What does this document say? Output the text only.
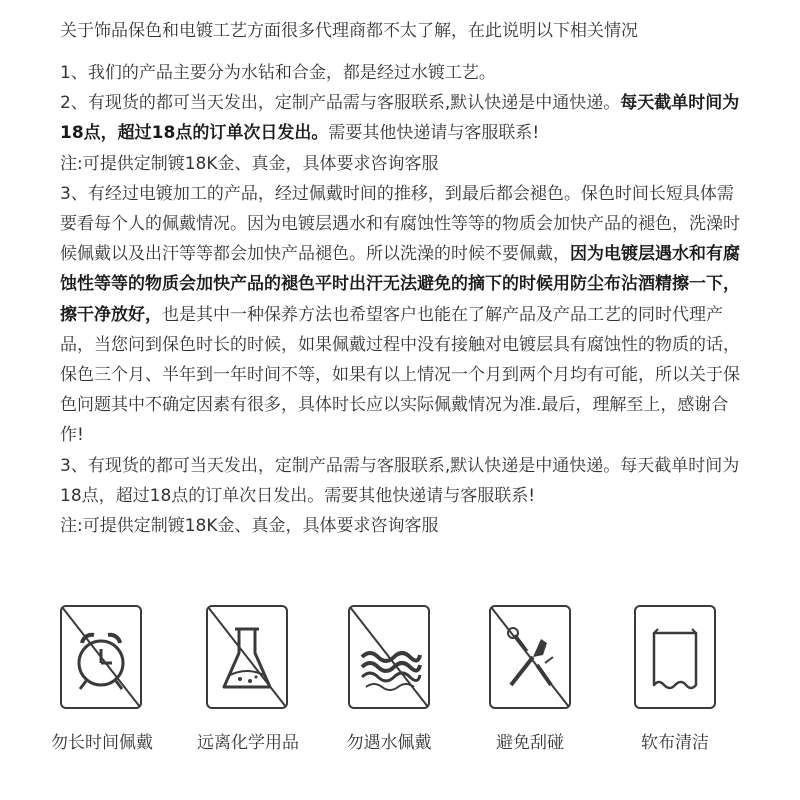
关于饰品保色和电镀工艺方面很多代理商都不太了解，在此说明以下相关情况

1、我们的产品主要分为水钻和合金，都是经过水镀工艺。

2、有现货的都可当天发出，定制产品需与客服联系,默认快递是中通快递。每天截单时间为18点，超过18点的订单次日发出。需要其他快递请与客服联系!

注:可提供定制镀18K金、真金，具体要求咨询客服

3、有经过电镀加工的产品，经过佩戴时间的推移，到最后都会褪色。保色时间长短具体需要看每个人的佩戴情况。因为电镀层遇水和有腐蚀性等等的物质会加快产品的褪色，洗澡时候佩戴以及出汗等等都会加快产品褪色。所以洗澡的时候不要佩戴，因为电镀层遇水和有腐蚀性等等的物质会加快产品的褪色平时出汗无法避免的摘下的时候用防尘布沾酒精擦一下，擦干净放好，也是其中一种保养方法也希望客户也能在了解产品及产品工艺的同时代理产品，当您问到保色时长的时候，如果佩戴过程中没有接触对电镀层具有腐蚀性的物质的话，保色三个月、半年到一年时间不等，如果有以上情况一个月到两个月均有可能，所以关于保色问题其中不确定因素有很多，具体时长应以实际佩戴情况为准.最后，理解至上，感谢合作!

3、有现货的都可当天发出，定制产品需与客服联系,默认快递是中通快递。每天截单时间为18点，超过18点的订单次日发出。需要其他快递请与客服联系!

注:可提供定制镀18K金、真金，具体要求咨询客服

勿长时间佩戴	远离化学用品	勿遇水佩戴	避免刮碰	软布清洁
